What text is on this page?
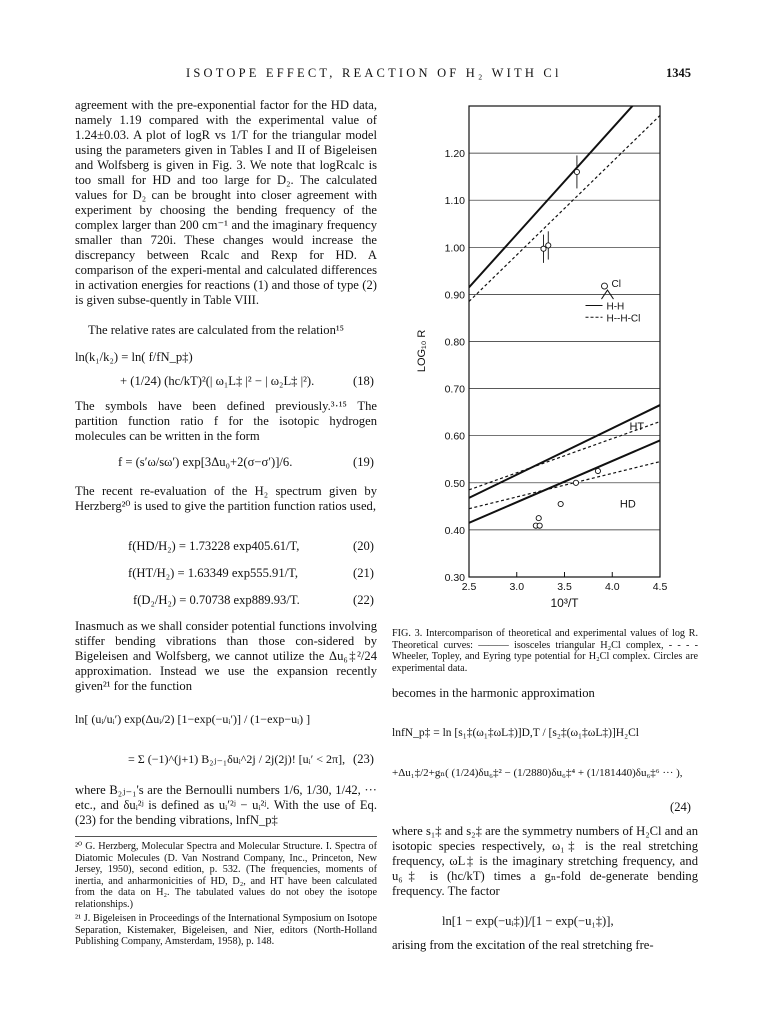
ISOTOPE EFFECT, REACTION OF H₂ WITH Cl	1345

agreement with the pre-exponential factor for the HD data, namely 1.19 compared with the experimental value of 1.24±0.03. A plot of logR vs 1/T for the triangular model using the parameters given in Tables I and II of Bigeleisen and Wolfsberg is given in Fig. 3. We note that logRcalc is too small for HD and too large for D₂. The calculated values for D₂ can be brought into closer agreement with experiment by choosing the bending frequency of the complex larger than 200 cm⁻¹ and the imaginary frequency smaller than 720i. These changes would increase the discrepancy between Rcalc and Rexp for HD. A comparison of the experi-mental and calculated differences in activation energies for reactions (1) and those of type (2) is given subse-quently in Table VIII.

The relative rates are calculated from the relation¹⁵
ln(k₁/k₂) = ln( f/fN_p‡)
+ (1/24) (hc/kT)²(| ω₁L‡ |² − | ω₂L‡ |²).	(18)
The symbols have been defined previously.³·¹⁵ The partition function ratio f for the isotopic hydrogen molecules can be written in the form
f = (s′ω/sω′) exp[3Δu₀+2(σ−σ′)]/6.	(19)
The recent re-evaluation of the H₂ spectrum given by Herzberg²⁰ is used to give the partition function ratios used,
f(HD/H₂) = 1.73228 exp405.61/T,	(20)
f(HT/H₂) = 1.63349 exp555.91/T,	(21)
f(D₂/H₂) = 0.70738 exp889.93/T.	(22)
Inasmuch as we shall consider potential functions involving stiffer bending vibrations than those con-sidered by Bigeleisen and Wolfsberg, we cannot utilize the Δu₆‡²/24 approximation. Instead we use the expansion recently given²¹ for the function
ln[ (uᵢ/uᵢ′) exp(Δuᵢ/2) [1−exp(−uᵢ′)] / (1−exp−uᵢ) ]
= Σ (−1)^(j+1) B₂ⱼ₋₁δuᵢ^2j / 2j(2j)! [uᵢ′ < 2π], (23)
where B₂ⱼ₋₁'s are the Bernoulli numbers 1/6, 1/30, 1/42, ··· etc., and δuᵢ²ʲ is defined as uᵢ′²ʲ − uᵢ²ʲ. With the use of Eq. (23) for the bending vibrations, lnfN_p‡
²⁰ G. Herzberg, Molecular Spectra and Molecular Structure. I. Spectra of Diatomic Molecules (D. Van Nostrand Company, Inc., Princeton, New Jersey, 1950), second edition, p. 532. (The frequencies, moments of inertia, and anharmonicities of HD, D₂, and HT have been calculated from the data on H₂. The tabulated values do not obey the isotope relationships.)
²¹ J. Bigeleisen in Proceedings of the International Symposium on Isotope Separation, Kistemaker, Bigeleisen, and Nier, editors (North-Holland Publishing Company, Amsterdam, 1958), p. 148.
0.30
0.40
0.50
0.60
0.70
0.80
0.90
1.00
1.10
1.20
2.5	3.0	3.5	4.0	4.5
10³/T
LOG₁₀ R
HT
HD
Cl
H-H
H--H-Cl
FIG. 3. Intercomparison of theoretical and experimental values of log R. Theoretical curves: ——— isosceles triangular H₂Cl complex, - - - - Wheeler, Topley, and Eyring type potential for H₂Cl complex. Circles are experimental data.
becomes in the harmonic approximation
lnfN_p‡ = ln [s₁‡(ω₁‡ωL‡)]D,T / [s₂‡(ω₁‡ωL‡)]H₂Cl
+Δu₁‡/2+gₙ( (1/24)δu₆‡² − (1/2880)δu₆‡⁴ + (1/181440)δu₆‡⁶ ··· ),
(24)
where s₁‡ and s₂‡ are the symmetry numbers of H₂Cl and an isotopic species respectively, ω₁‡ is the real stretching frequency, ωL‡ is the imaginary stretching frequency, and u₆‡ is (hc/kT) times a gₙ-fold de-generate bending frequency. The factor
ln[1 − exp(−uᵢ‡)]/[1 − exp(−u₁‡)],
arising from the excitation of the real stretching fre-
